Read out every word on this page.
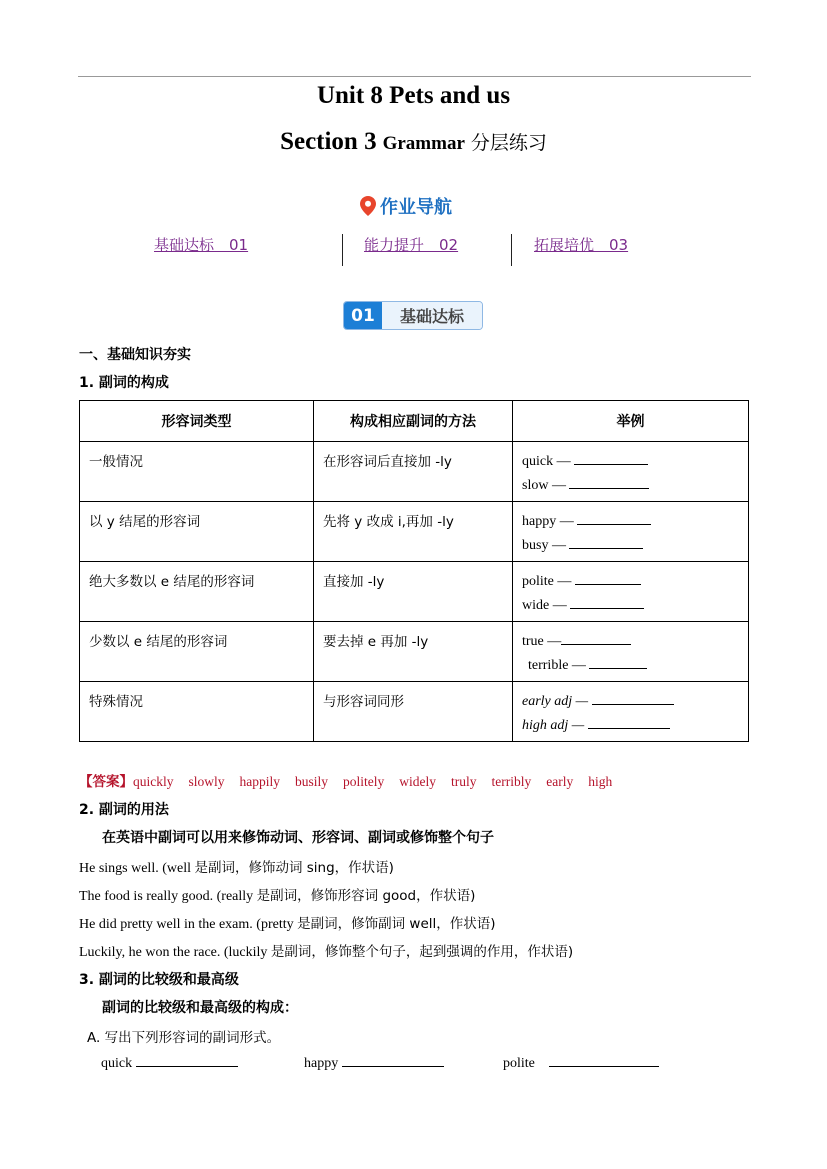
Unit 8 Pets and us
Section 3 Grammar 分层练习
作业导航
基础达标　01	能力提升　02	拓展培优　03
01	基础达标
一、基础知识夯实
1. 副词的构成
形容词类型	构成相应副词的方法	举例
一般情况	在形容词后直接加 -ly	quick —
slow —

以 y 结尾的形容词	先将 y 改成 i,再加 -ly	happy —
busy —

绝大多数以 e 结尾的形容词	直接加 -ly	polite —
wide —

少数以 e 结尾的形容词	要去掉 e 再加 -ly	true —
terrible —

特殊情况	与形容词同形	early adj —
high adj —
【答案】quickly slowly happily busily politely widely truly terribly early high
2. 副词的用法
在英语中副词可以用来修饰动词、形容词、副词或修饰整个句子
He sings well. (well 是副词，修饰动词 sing，作状语)
The food is really good. (really 是副词，修饰形容词 good，作状语)
He did pretty well in the exam. (pretty 是副词，修饰副词 well，作状语)
Luckily, he won the race. (luckily 是副词，修饰整个句子，起到强调的作用，作状语)
3. 副词的比较级和最高级
副词的比较级和最高级的构成：
A. 写出下列形容词的副词形式。
quick	happy	polite
